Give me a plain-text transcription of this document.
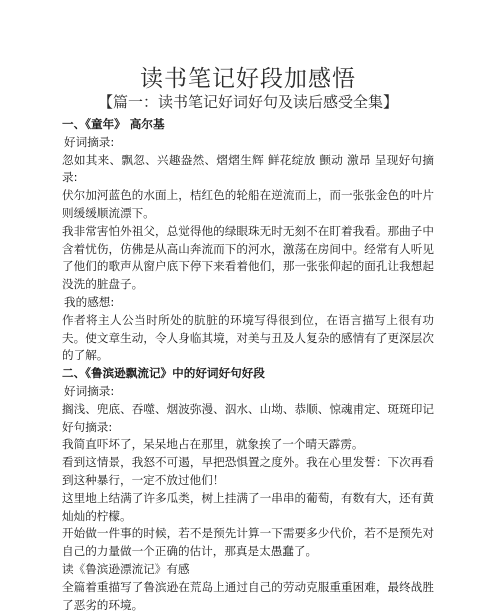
读书笔记好段加感悟
【篇一：读书笔记好词好句及读后感受全集】

一、《童年》 高尔基

好词摘录:

忽如其来、飘忽、兴趣盎然、熠熠生辉 鲜花绽放 颤动 激昂 呈现好句摘录:

伏尔加河蓝色的水面上，桔红色的轮船在逆流而上，而一张张金色的叶片则缓缓顺流漂下。

我非常害怕外祖父，总觉得他的绿眼珠无时无刻不在盯着我看。那曲子中含着忧伤，仿佛是从高山奔流而下的河水，激荡在房间中。经常有人听见了他们的歌声从窗户底下停下来看着他们，那一张张仰起的面孔让我想起没洗的脏盘子。

我的感想:

作者将主人公当时所处的肮脏的环境写得很到位，在语言描写上很有功夫。使文章生动，令人身临其境，对美与丑及人复杂的感情有了更深层次的了解。

二、《鲁滨逊飘流记》中的好词好句好段

好词摘录:

搁浅、兜底、吞噬、烟波弥漫、泅水、山坳、恭顺、惊魂甫定、斑斑印记好句摘录:

我简直吓坏了，呆呆地占在那里，就象挨了一个晴天霹雳。

看到这情景，我怒不可遏，早把恐惧置之度外。我在心里发誓：下次再看到这种暴行，一定不放过他们！

这里地上结满了许多瓜类，树上挂满了一串串的葡萄，有数有大，还有黄灿灿的柠檬。

开始做一件事的时候，若不是预先计算一下需要多少代价，若不是预先对自己的力量做一个正确的估计，那真是太愚蠢了。

读《鲁滨逊漂流记》有感

全篇着重描写了鲁滨逊在荒岛上通过自己的劳动克服重重困难，最终战胜了恶劣的环境。
